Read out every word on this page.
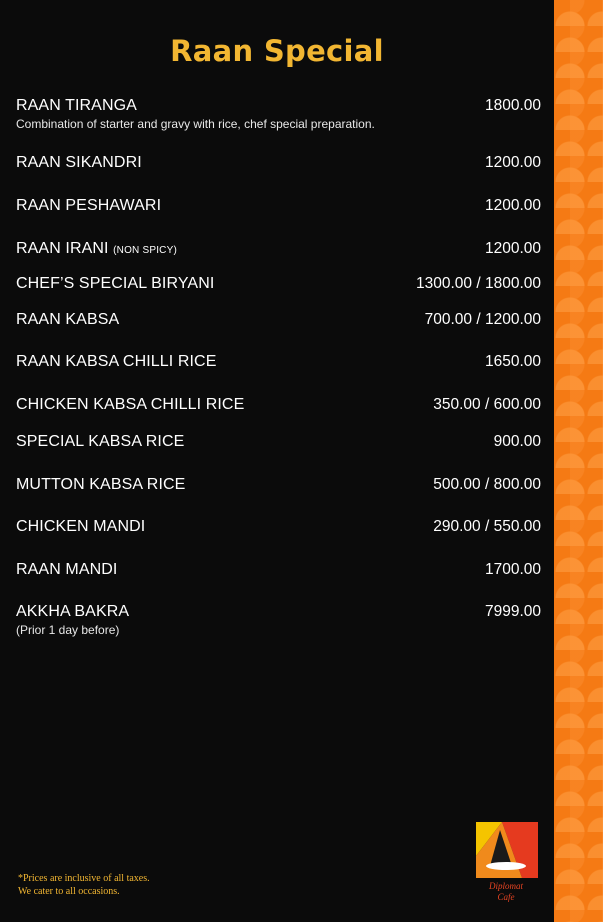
Raan Special
RAAN TIRANGA	1800.00
Combination of starter and gravy with rice, chef special preparation.
RAAN SIKANDRI	1200.00
RAAN PESHAWARI	1200.00
RAAN IRANI (NON SPICY)	1200.00
CHEF’S SPECIAL BIRYANI	1300.00 / 1800.00
RAAN KABSA	700.00 / 1200.00
RAAN KABSA CHILLI RICE	1650.00
CHICKEN KABSA CHILLI RICE	350.00 / 600.00
SPECIAL KABSA RICE	900.00
MUTTON KABSA RICE	500.00 / 800.00
CHICKEN MANDI	290.00 / 550.00
RAAN MANDI	1700.00
AKKHA BAKRA	7999.00
(Prior 1 day before)
*Prices are inclusive of all taxes.
We cater to all occasions.	Diplomat
Cafe
